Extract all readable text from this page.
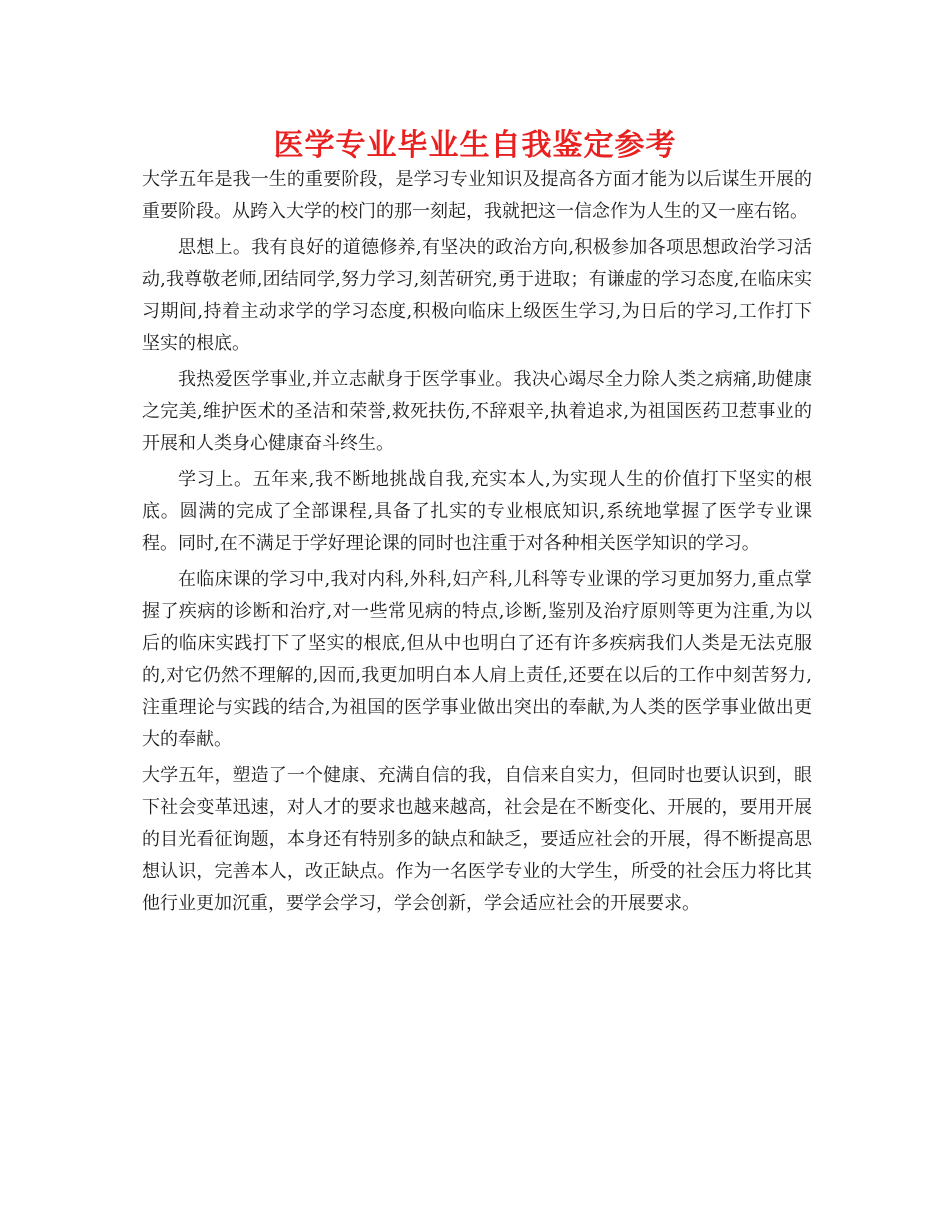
医学专业毕业生自我鉴定参考

大学五年是我一生的重要阶段，是学习专业知识及提高各方面才能为以后谋生开展的重要阶段。从跨入大学的校门的那一刻起，我就把这一信念作为人生的又一座右铭。

思想上。我有良好的道德修养,有坚决的政治方向,积极参加各项思想政治学习活动,我尊敬老师,团结同学,努力学习,刻苦研究,勇于进取；有谦虚的学习态度,在临床实习期间,持着主动求学的学习态度,积极向临床上级医生学习,为日后的学习,工作打下坚实的根底。

我热爱医学事业,并立志献身于医学事业。我决心竭尽全力除人类之病痛,助健康之完美,维护医术的圣洁和荣誉,救死扶伤,不辞艰辛,执着追求,为祖国医药卫惹事业的开展和人类身心健康奋斗终生。

学习上。五年来,我不断地挑战自我,充实本人,为实现人生的价值打下坚实的根底。圆满的完成了全部课程,具备了扎实的专业根底知识,系统地掌握了医学专业课程。同时,在不满足于学好理论课的同时也注重于对各种相关医学知识的学习。

在临床课的学习中,我对内科,外科,妇产科,儿科等专业课的学习更加努力,重点掌握了疾病的诊断和治疗,对一些常见病的特点,诊断,鉴别及治疗原则等更为注重,为以后的临床实践打下了坚实的根底,但从中也明白了还有许多疾病我们人类是无法克服的,对它仍然不理解的,因而,我更加明白本人肩上责任,还要在以后的工作中刻苦努力,注重理论与实践的结合,为祖国的医学事业做出突出的奉献,为人类的医学事业做出更大的奉献。

大学五年，塑造了一个健康、充满自信的我，自信来自实力，但同时也要认识到，眼下社会变革迅速，对人才的要求也越来越高，社会是在不断变化、开展的，要用开展的目光看征询题，本身还有特别多的缺点和缺乏，要适应社会的开展，得不断提高思想认识，完善本人，改正缺点。作为一名医学专业的大学生，所受的社会压力将比其他行业更加沉重，要学会学习，学会创新，学会适应社会的开展要求。
